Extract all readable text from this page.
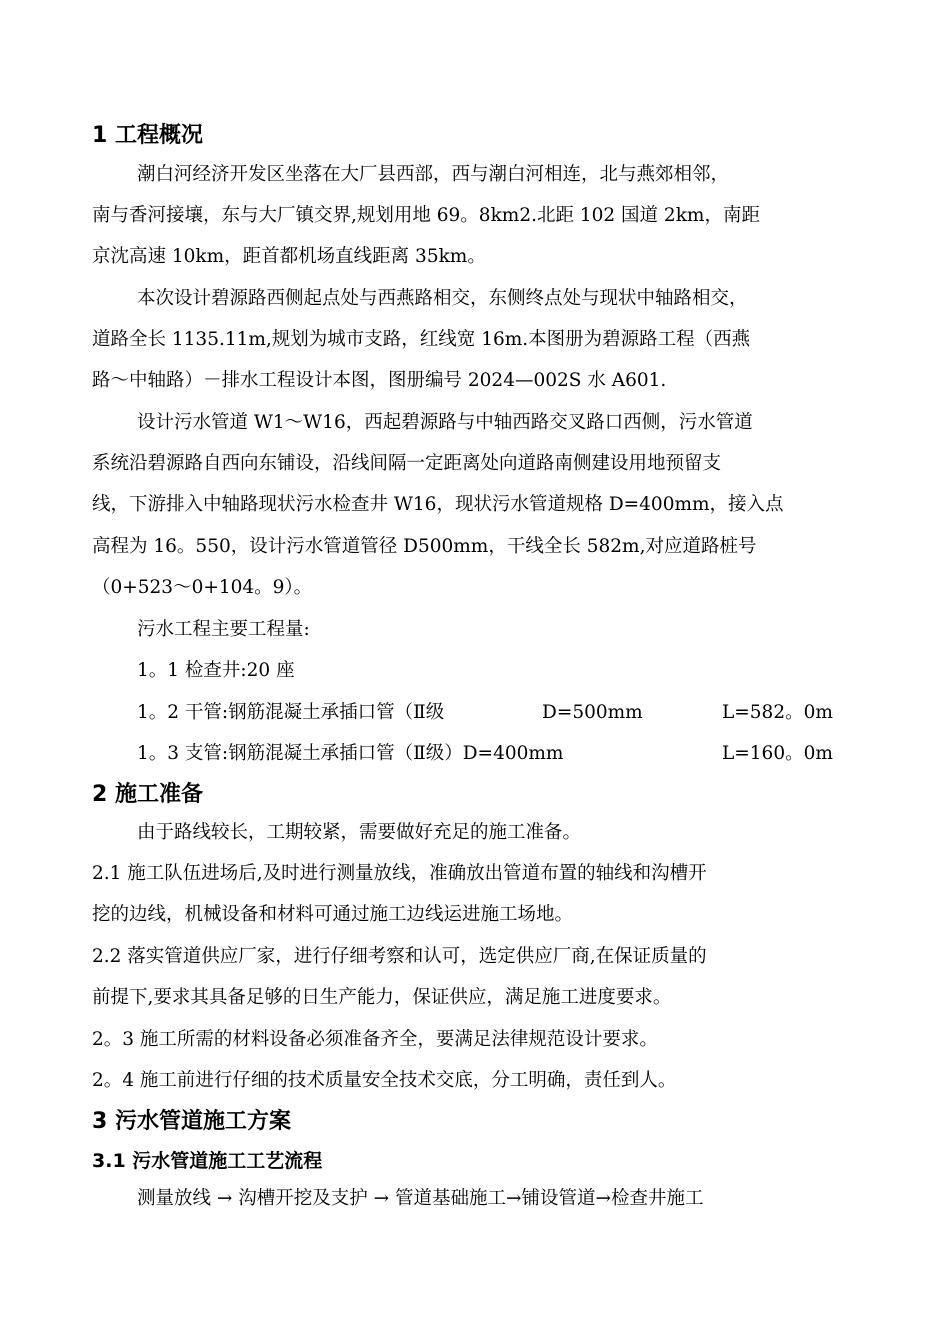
1 工程概况
潮白河经济开发区坐落在大厂县西部，西与潮白河相连，北与燕郊相邻，
南与香河接壤，东与大厂镇交界,规划用地 69。8km2.北距 102 国道 2km，南距
京沈高速 10km，距首都机场直线距离 35km。
本次设计碧源路西侧起点处与西燕路相交，东侧终点处与现状中轴路相交，
道路全长 1135.11m,规划为城市支路，红线宽 16m.本图册为碧源路工程（西燕
路～中轴路）－排水工程设计本图，图册编号 2024—002S 水 A601.
设计污水管道 W1～W16，西起碧源路与中轴西路交叉路口西侧，污水管道
系统沿碧源路自西向东铺设，沿线间隔一定距离处向道路南侧建设用地预留支
线，下游排入中轴路现状污水检查井 W16，现状污水管道规格 D=400mm，接入点
高程为 16。550，设计污水管道管径 D500mm，干线全长 582m,对应道路桩号
（0+523～0+104。9）。
污水工程主要工程量:
1。1 检查井:20 座
1。2 干管:钢筋混凝土承插口管（Ⅱ级	D=500mm	L=582。0m
1。3 支管:钢筋混凝土承插口管（Ⅱ级）D=400mm	L=160。0m
2 施工准备
由于路线较长，工期较紧，需要做好充足的施工准备。
2.1 施工队伍进场后,及时进行测量放线，准确放出管道布置的轴线和沟槽开
挖的边线，机械设备和材料可通过施工边线运进施工场地。
2.2 落实管道供应厂家，进行仔细考察和认可，选定供应厂商,在保证质量的
前提下,要求其具备足够的日生产能力，保证供应，满足施工进度要求。
2。3 施工所需的材料设备必须准备齐全，要满足法律规范设计要求。
2。4 施工前进行仔细的技术质量安全技术交底，分工明确，责任到人。
3 污水管道施工方案
3.1 污水管道施工工艺流程
测量放线 → 沟槽开挖及支护 → 管道基础施工→铺设管道→检查井施工
